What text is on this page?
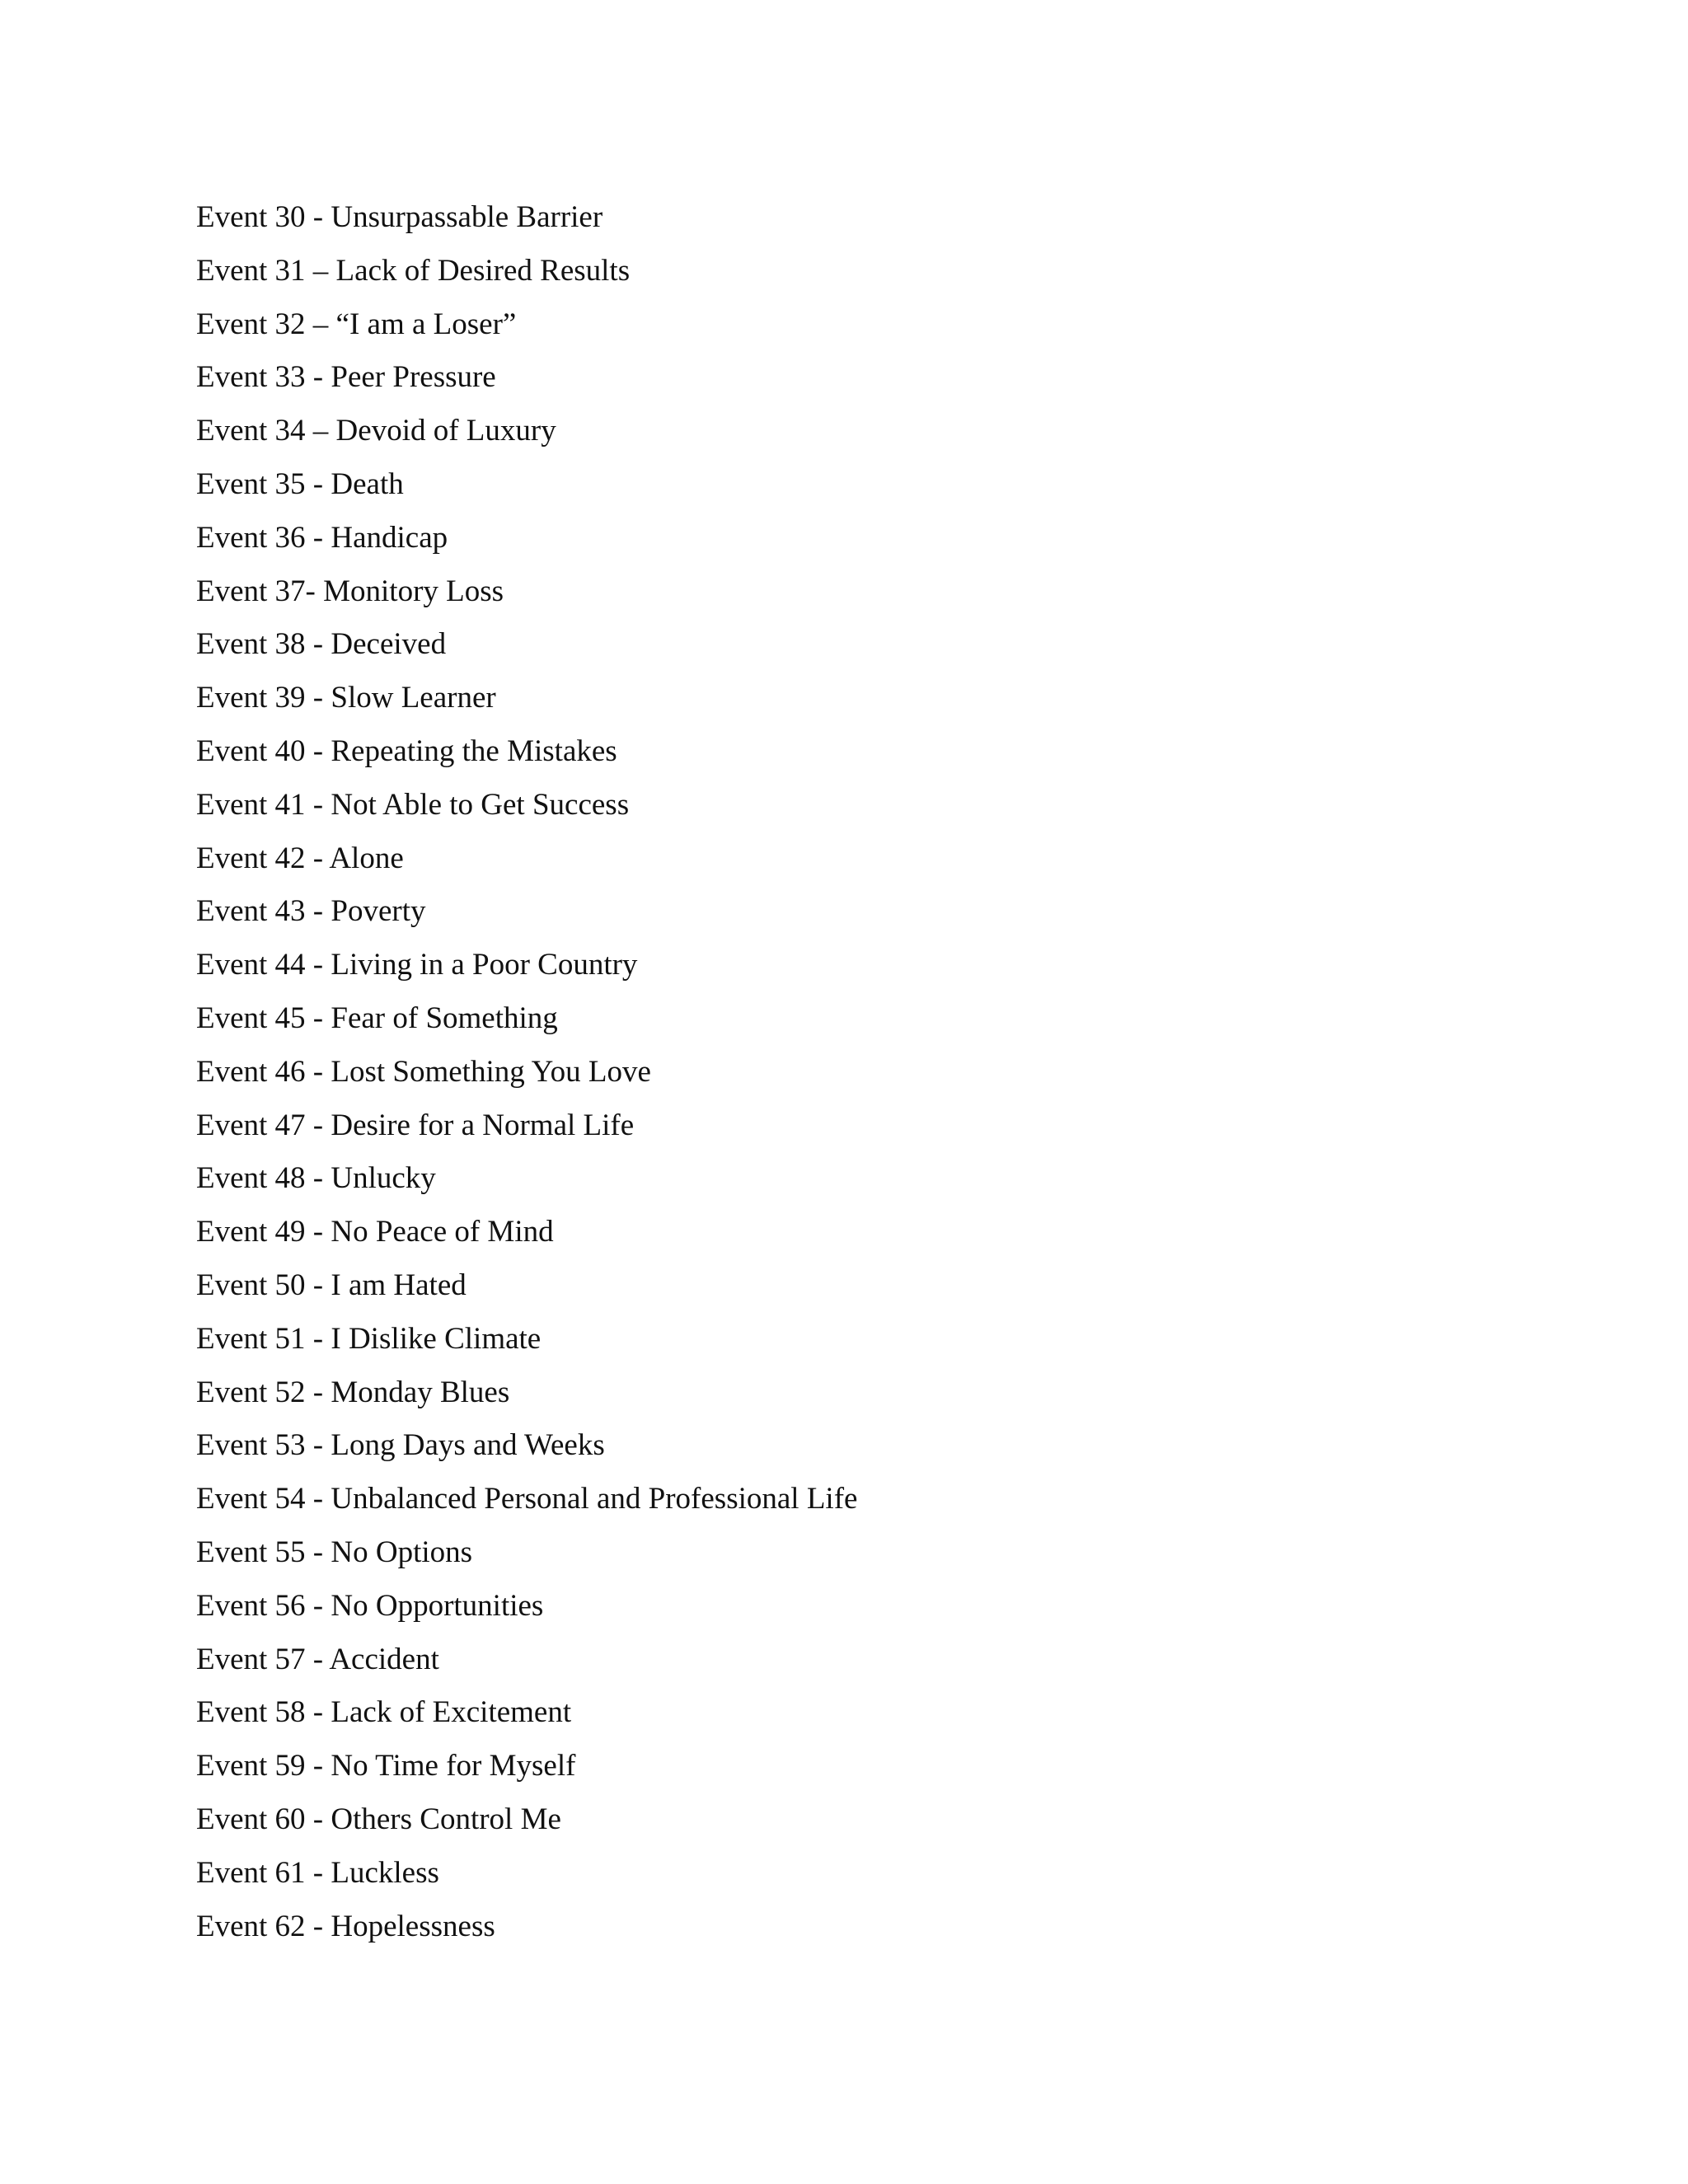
Event 30 - Unsurpassable Barrier
Event 31 – Lack of Desired Results
Event 32 – “I am a Loser”
Event 33 - Peer Pressure
Event 34 – Devoid of Luxury
Event 35 - Death
Event 36 - Handicap
Event 37- Monitory Loss
Event 38 - Deceived
Event 39 - Slow Learner
Event 40 - Repeating the Mistakes
Event 41 - Not Able to Get Success
Event 42 - Alone
Event 43 - Poverty
Event 44 - Living in a Poor Country
Event 45 - Fear of Something
Event 46 - Lost Something You Love
Event 47 - Desire for a Normal Life
Event 48 - Unlucky
Event 49 - No Peace of Mind
Event 50 - I am Hated
Event 51 - I Dislike Climate
Event 52 - Monday Blues
Event 53 - Long Days and Weeks
Event 54 - Unbalanced Personal and Professional Life
Event 55 - No Options
Event 56 - No Opportunities
Event 57 - Accident
Event 58 - Lack of Excitement
Event 59 - No Time for Myself
Event 60 - Others Control Me
Event 61 - Luckless
Event 62 - Hopelessness
